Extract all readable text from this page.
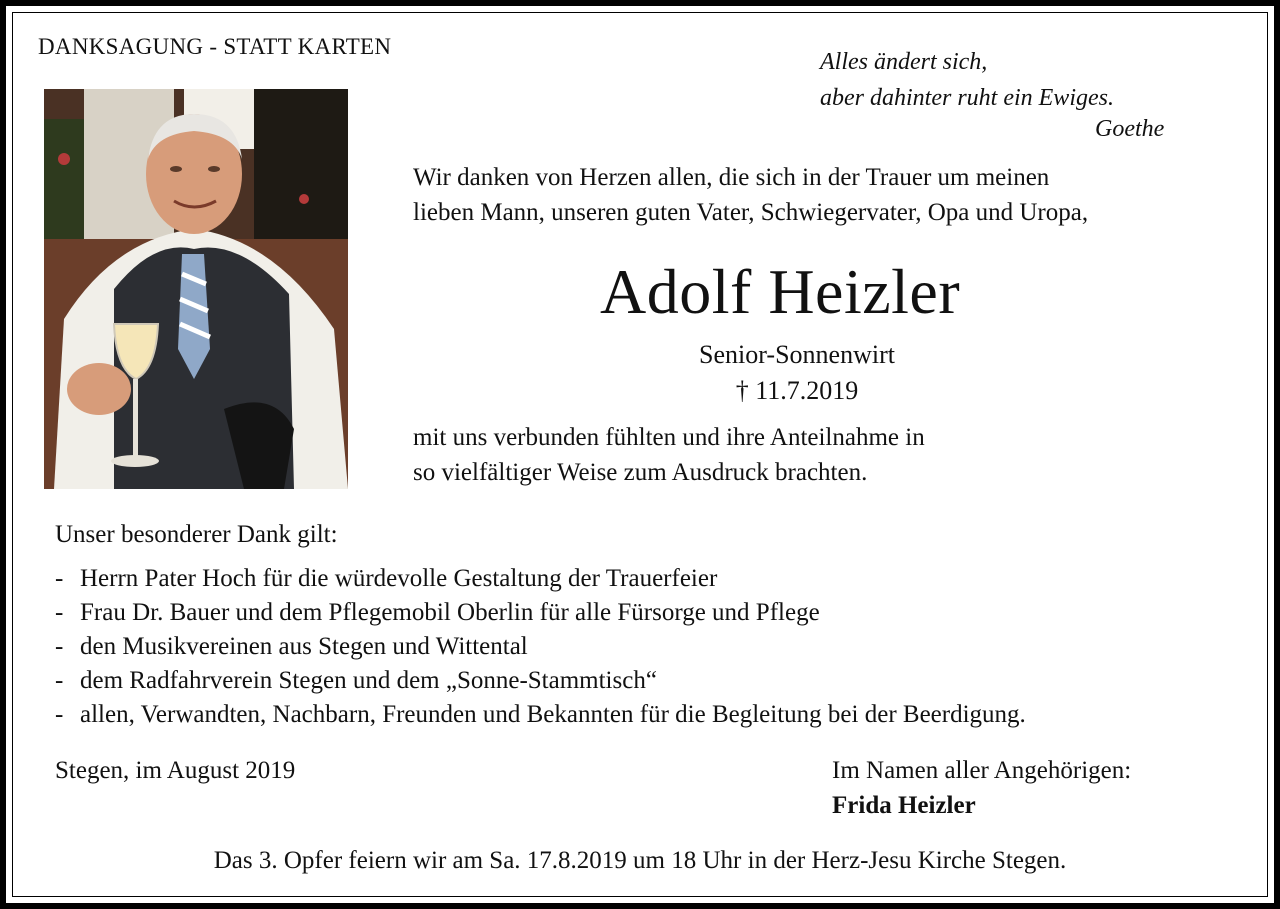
DANKSAGUNG - STATT KARTEN
Alles ändert sich,
aber dahinter ruht ein Ewiges.
Goethe
Wir danken von Herzen allen, die sich in der Trauer um meinen
lieben Mann, unseren guten Vater, Schwiegervater, Opa und Uropa,
Adolf Heizler
Senior-Sonnenwirt
† 11.7.2019
mit uns verbunden fühlten und ihre Anteilnahme in
so vielfältiger Weise zum Ausdruck brachten.
Unser besonderer Dank gilt:
- Herrn Pater Hoch für die würdevolle Gestaltung der Trauerfeier
- Frau Dr. Bauer und dem Pflegemobil Oberlin für alle Fürsorge und Pflege
- den Musikvereinen aus Stegen und Wittental
- dem Radfahrverein Stegen und dem „Sonne-Stammtisch“
- allen, Verwandten, Nachbarn, Freunden und Bekannten für die Begleitung bei der Beerdigung.
Stegen, im August 2019	Im Namen aller Angehörigen:
Frida Heizler
Das 3. Opfer feiern wir am Sa. 17.8.2019 um 18 Uhr in der Herz-Jesu Kirche Stegen.
